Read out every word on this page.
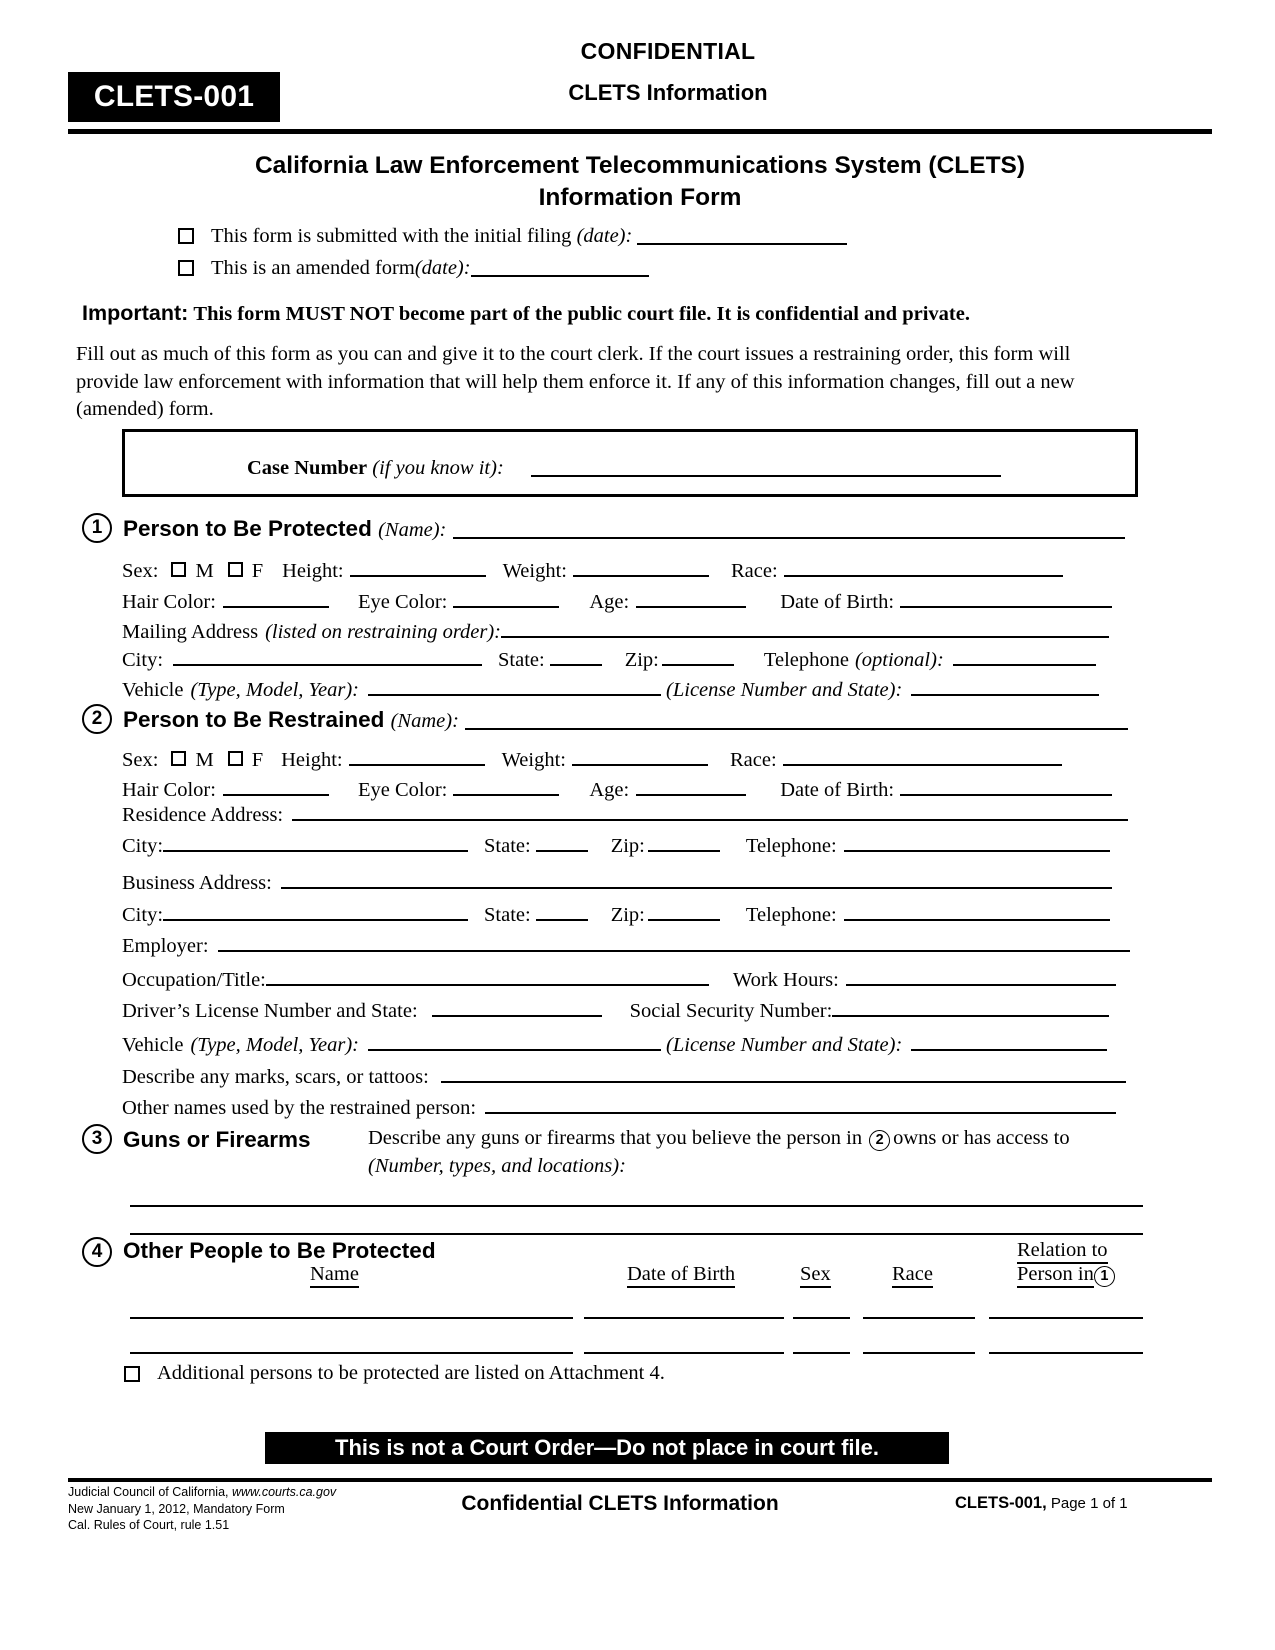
CLETS-001
CONFIDENTIAL
CLETS Information
California Law Enforcement Telecommunications System (CLETS)
Information Form
This form is submitted with the initial filing (date):
This is an amended form(date):
Important: This form MUST NOT become part of the public court file. It is confidential and private.
Fill out as much of this form as you can and give it to the court clerk. If the court issues a restraining order, this form will provide law enforcement with information that will help them enforce it. If any of this information changes, fill out a new (amended) form.
Case Number (if you know it):
1 Person to Be Protected (Name):
Sex: M F Height:	Weight:	Race:
Hair Color:	Eye Color:	Age:	Date of Birth:
Mailing Address (listed on restraining order):
City:	State:	Zip:	Telephone (optional):
Vehicle (Type, Model, Year):	(License Number and State):
2 Person to Be Restrained (Name):
Sex: M F Height:	Weight:	Race:
Hair Color:	Eye Color:	Age:	Date of Birth:
Residence Address:
City:	State:	Zip:	Telephone:
Business Address:
City:	State:	Zip:	Telephone:
Employer:
Occupation/Title:	Work Hours:
Driver’s License Number and State:	Social Security Number:
Vehicle (Type, Model, Year):	(License Number and State):
Describe any marks, scars, or tattoos:
Other names used by the restrained person:
3 Guns or Firearms	Describe any guns or firearms that you believe the person in 2 owns or has access to
(Number, types, and locations):
4 Other People to Be Protected	Relation to
Name	Date of Birth	Sex	Race	Person in 1
Additional persons to be protected are listed on Attachment 4.
This is not a Court Order—Do not place in court file.
Judicial Council of California, www.courts.ca.gov
New January 1, 2012, Mandatory Form
Cal. Rules of Court, rule 1.51
Confidential CLETS Information	CLETS-001, Page 1 of 1
